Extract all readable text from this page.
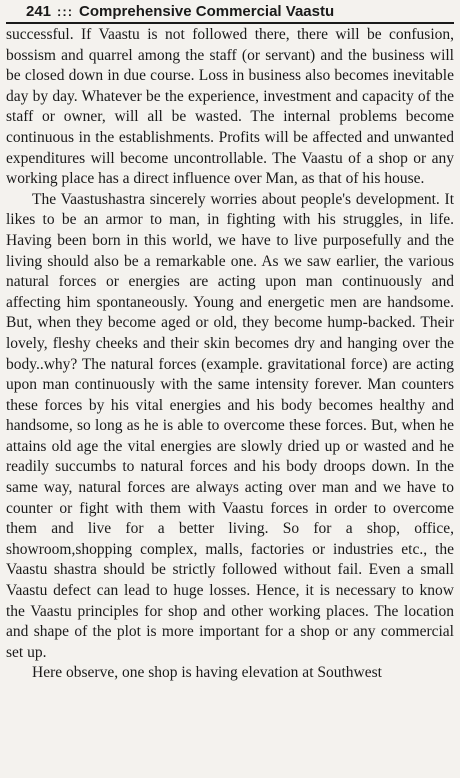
241 ::: Comprehensive Commercial Vaastu

successful. If Vaastu is not followed there, there will be confusion, bossism and quarrel among the staff (or servant) and the business will be closed down in due course. Loss in business also becomes inevitable day by day. Whatever be the experience, investment and capacity of the staff or owner, will all be wasted. The internal problems become continuous in the establishments. Profits will be affected and unwanted expenditures will become uncontrollable. The Vaastu of a shop or any working place has a direct influence over Man, as that of his house.

The Vaastushastra sincerely worries about people's development. It likes to be an armor to man, in fighting with his struggles, in life. Having been born in this world, we have to live purposefully and the living should also be a remarkable one. As we saw earlier, the various natural forces or energies are acting upon man continuously and affecting him spontaneously. Young and energetic men are handsome. But, when they become aged or old, they become hump-backed. Their lovely, fleshy cheeks and their skin becomes dry and hanging over the body..why? The natural forces (example. gravitational force) are acting upon man continuously with the same intensity forever. Man counters these forces by his vital energies and his body becomes healthy and handsome, so long as he is able to overcome these forces. But, when he attains old age the vital energies are slowly dried up or wasted and he readily succumbs to natural forces and his body droops down. In the same way, natural forces are always acting over man and we have to counter or fight with them with Vaastu forces in order to overcome them and live for a better living. So for a shop, office, showroom,shopping complex, malls, factories or industries etc., the Vaastu shastra should be strictly followed without fail. Even a small Vaastu defect can lead to huge losses. Hence, it is necessary to know the Vaastu principles for shop and other working places. The location and shape of the plot is more important for a shop or any commercial set up.

Here observe, one shop is having elevation at Southwest
